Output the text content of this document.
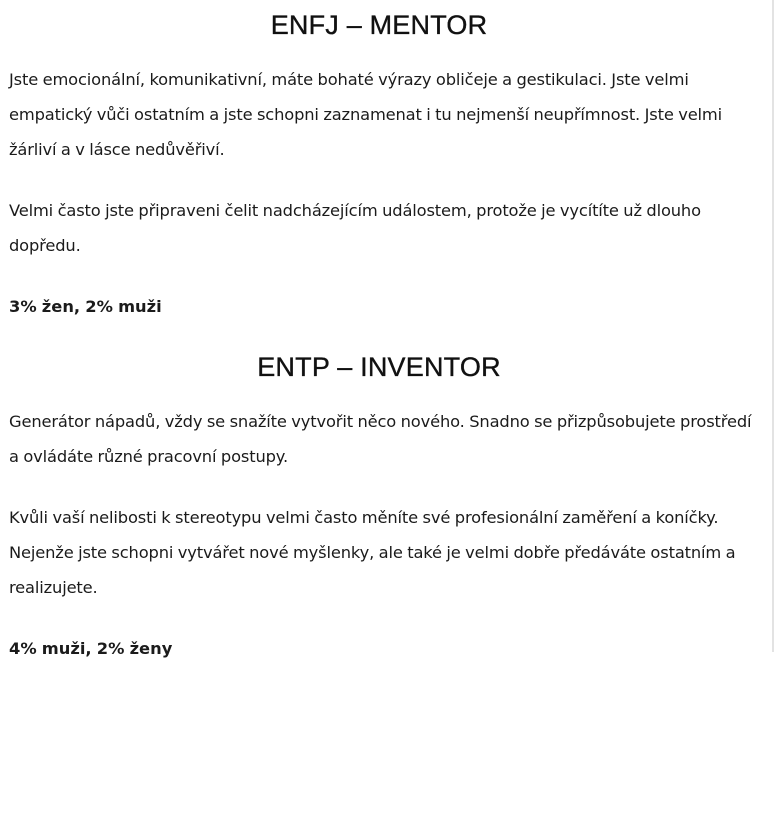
ENFJ – MENTOR

Jste emocionální, komunikativní, máte bohaté výrazy obličeje a gestikulaci. Jste velmi empatický vůči ostatním a jste schopni zaznamenat i tu nejmenší neupřímnost. Jste velmi žárliví a v lásce nedůvěřiví.

Velmi často jste připraveni čelit nadcházejícím událostem, protože je vycítíte už dlouho dopředu.

3% žen, 2% muži

ENTP – INVENTOR

Generátor nápadů, vždy se snažíte vytvořit něco nového. Snadno se přizpůsobujete prostředí a ovládáte různé pracovní postupy.

Kvůli vaší nelibosti k stereotypu velmi často měníte své profesionální zaměření a koníčky. Nejenže jste schopni vytvářet nové myšlenky, ale také je velmi dobře předáváte ostatním a realizujete.

4% muži, 2% ženy
